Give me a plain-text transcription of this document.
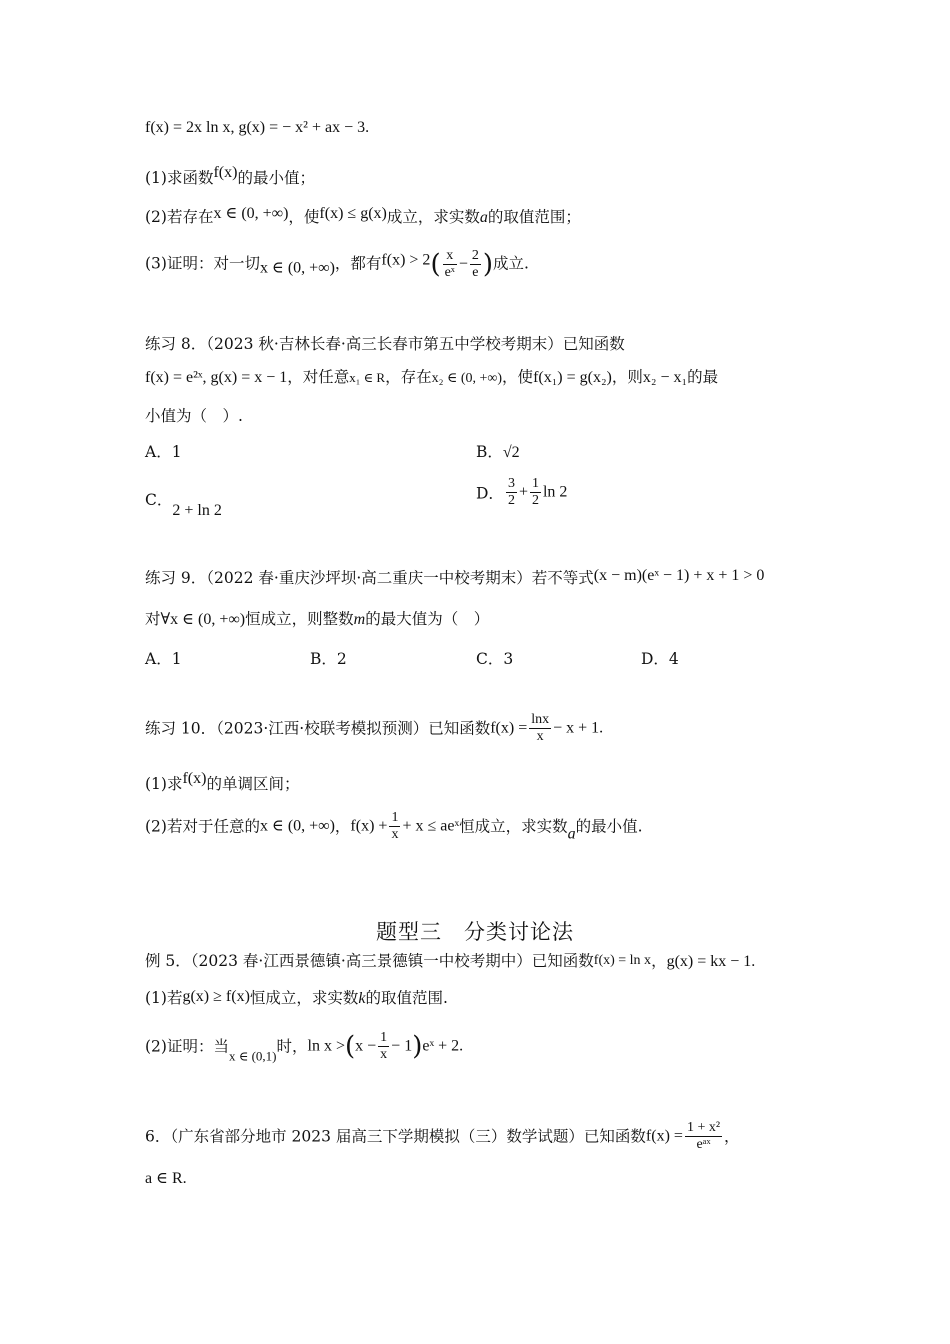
f(x) = 2x ln x, g(x) = − x² + ax − 3.
(1)求函数f(x)的最小值；
(2)若存在x ∈ (0, +∞)，使f(x) ≤ g(x)成立，求实数a的取值范围；
(3)证明：对一切x ∈ (0, +∞)，都有$f(x) > 2( \frac{x}{\text{eˣ}} - \frac{2}{e}$ )成立.
练习 8．（2023 秋·吉林长春·高三长春市第五中学校考期末）已知函数
f(x) = e²ˣ, g(x) = x − 1，对任意x₁ ∈ R，存在x₂ ∈ (0, +∞)，使f(x₁) = g(x₂)，则x₂ − x₁的最
小值为（　）.
A．1	B．√2
C．2 + ln 2
D． $\frac{3}{2} + \frac{1}{2}$ ln 2
练习 9．（2022 春·重庆沙坪坝·高二重庆一中校考期末）若不等式(x − m)(eˣ − 1) + x + 1 > 0
对∀x ∈ (0, +∞)恒成立，则整数m的最大值为（　）
A．1	B．2	C．3	D．4
练习 10．（2023·江西·校联考模拟预测）已知函数$f(x) = \frac{\ln x}{x} - x + 1$.
(1)求f(x)的单调区间；
(2)若对于任意的x ∈ (0, +∞)，$f(x) + \frac{1}{x} + x$ ≤ aeˣ恒成立，求实数a的最小值.
题型三　分类讨论法
例 5．（2023 春·江西景德镇·高三景德镇一中校考期中）已知函数f(x) = ln x，g(x) = kx − 1.
(1)若g(x) ≥ f(x)恒成立，求实数k的取值范围.
(2)证明：当$_{x \in (0,1)}$时，$\ln x >(x - \frac{1}{x}$ − 1)eˣ + 2.
6．（广东省部分地市 2023 届高三下学期模拟（三）数学试题）已知函数$f(x) = \frac{\text{1 + x²}}{\text{eᵃˣ}}$ ，
a ∈ R.
